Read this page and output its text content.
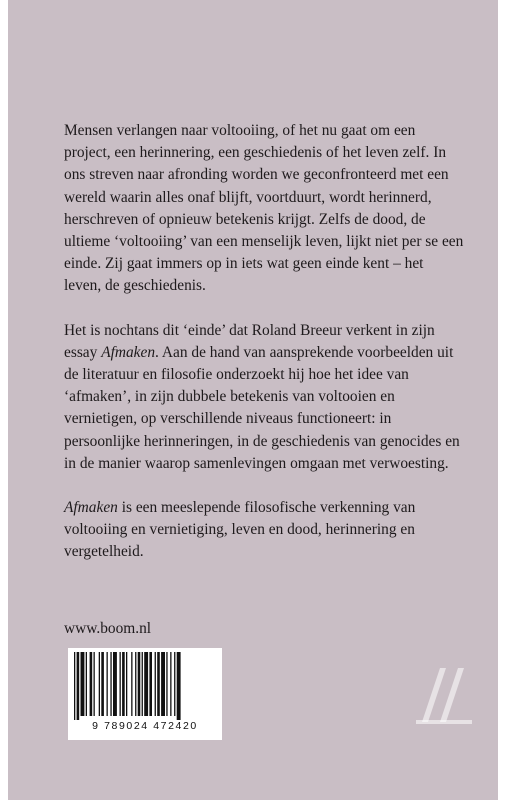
Mensen verlangen naar voltooiing, of het nu gaat om een project, een herinnering, een geschiedenis of het leven zelf. In ons streven naar afronding worden we geconfronteerd met een wereld waarin alles onaf blijft, voortduurt, wordt herinnerd, herschreven of opnieuw betekenis krijgt. Zelfs de dood, de ultieme ‘voltooiing’ van een menselijk leven, lijkt niet per se een einde. Zij gaat immers op in iets wat geen einde kent – het leven, de geschiedenis.

Het is nochtans dit ‘einde’ dat Roland Breeur verkent in zijn essay Afmaken. Aan de hand van aansprekende voorbeelden uit de literatuur en filosofie onderzoekt hij hoe het idee van ‘afmaken’, in zijn dubbele betekenis van voltooien en vernietigen, op verschillende niveaus functioneert: in persoonlijke herinneringen, in de geschiedenis van genocides en in de manier waarop samenlevingen omgaan met verwoesting.

Afmaken is een meeslepende filosofische verkenning van voltooiing en vernietiging, leven en dood, herinnering en vergetelheid.

www.boom.nl
9 789024 472420
